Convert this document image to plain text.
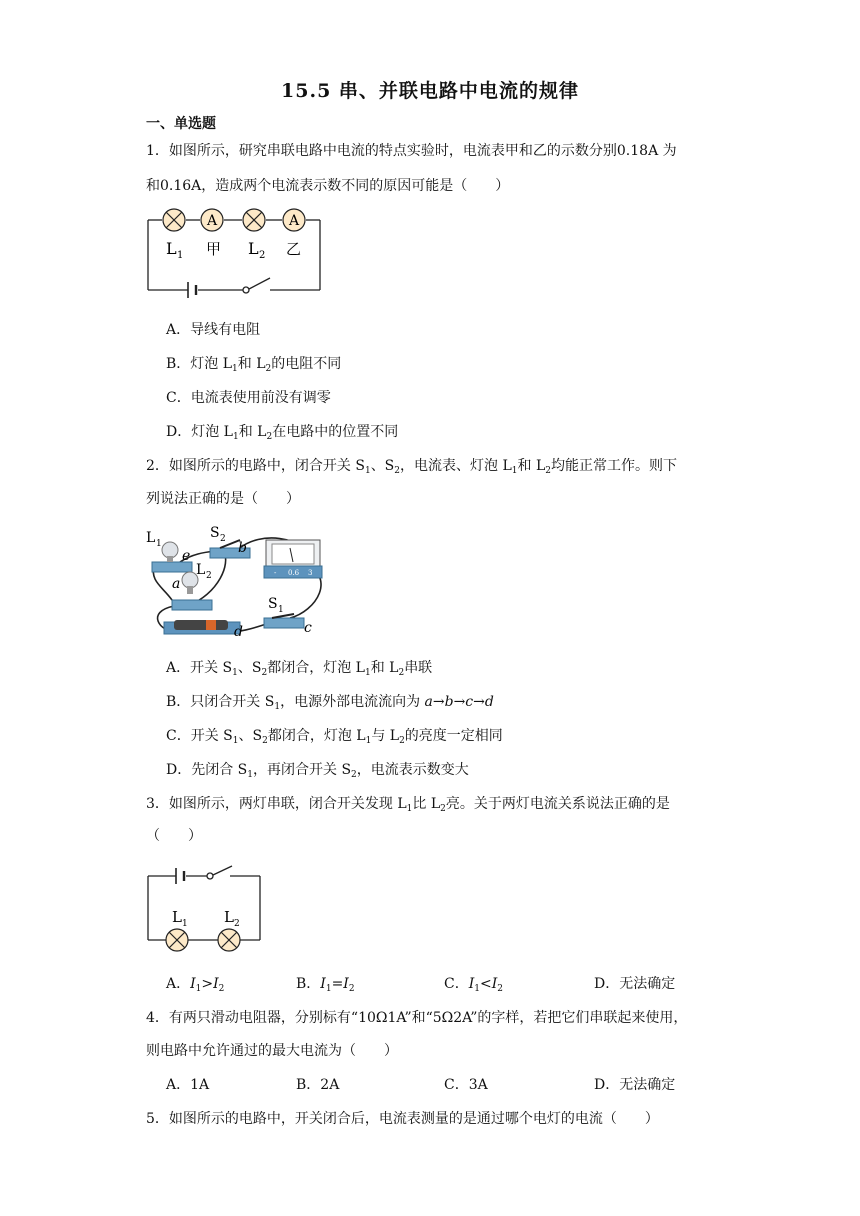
15.5 串、并联电路中电流的规律
一、单选题
1．如图所示，研究串联电路中电流的特点实验时，电流表甲和乙的示数分别0.18A 为
和0.16A，造成两个电流表示数不同的原因可能是（　　）
A	A
L 1 甲 L 2 乙
A．导线有电阻
B．灯泡 $L_1$和 $L_2$的电阻不同
C．电流表使用前没有调零
D．灯泡 $L_1$和 $L_2$在电路中的位置不同
2．如图所示的电路中，闭合开关 $S_1$、$S_2$，电流表、灯泡 $L_1$和 $L_2$均能正常工作。则下
列说法正确的是（　　）
- 0.6 3
L 1
e
S 2
b
L 2
a
S 1
c
d
A．开关 $S_1$、$S_2$都闭合，灯泡 $L_1$和 $L_2$串联
B．只闭合开关 $S_1$，电源外部电流流向为 a→b→c→d
C．开关 $S_1$、$S_2$都闭合，灯泡 $L_1$与 $L_2$的亮度一定相同
D．先闭合 $S_1$，再闭合开关 $S_2$，电流表示数变大
3．如图所示，两灯串联，闭合开关发现 $L_1$比 $L_2$亮。关于两灯电流关系说法正确的是
（　　）
L 1 L 2
A．$I_1>I_2$	B．$I_1=I_2$	C．$I_1<I_2$	D．无法确定
4．有两只滑动电阻器，分别标有“10Ω1A”和“5Ω2A”的字样，若把它们串联起来使用，
则电路中允许通过的最大电流为（　　）
A．1A	B．2A	C．3A	D．无法确定
5．如图所示的电路中，开关闭合后，电流表测量的是通过哪个电灯的电流（　　）
